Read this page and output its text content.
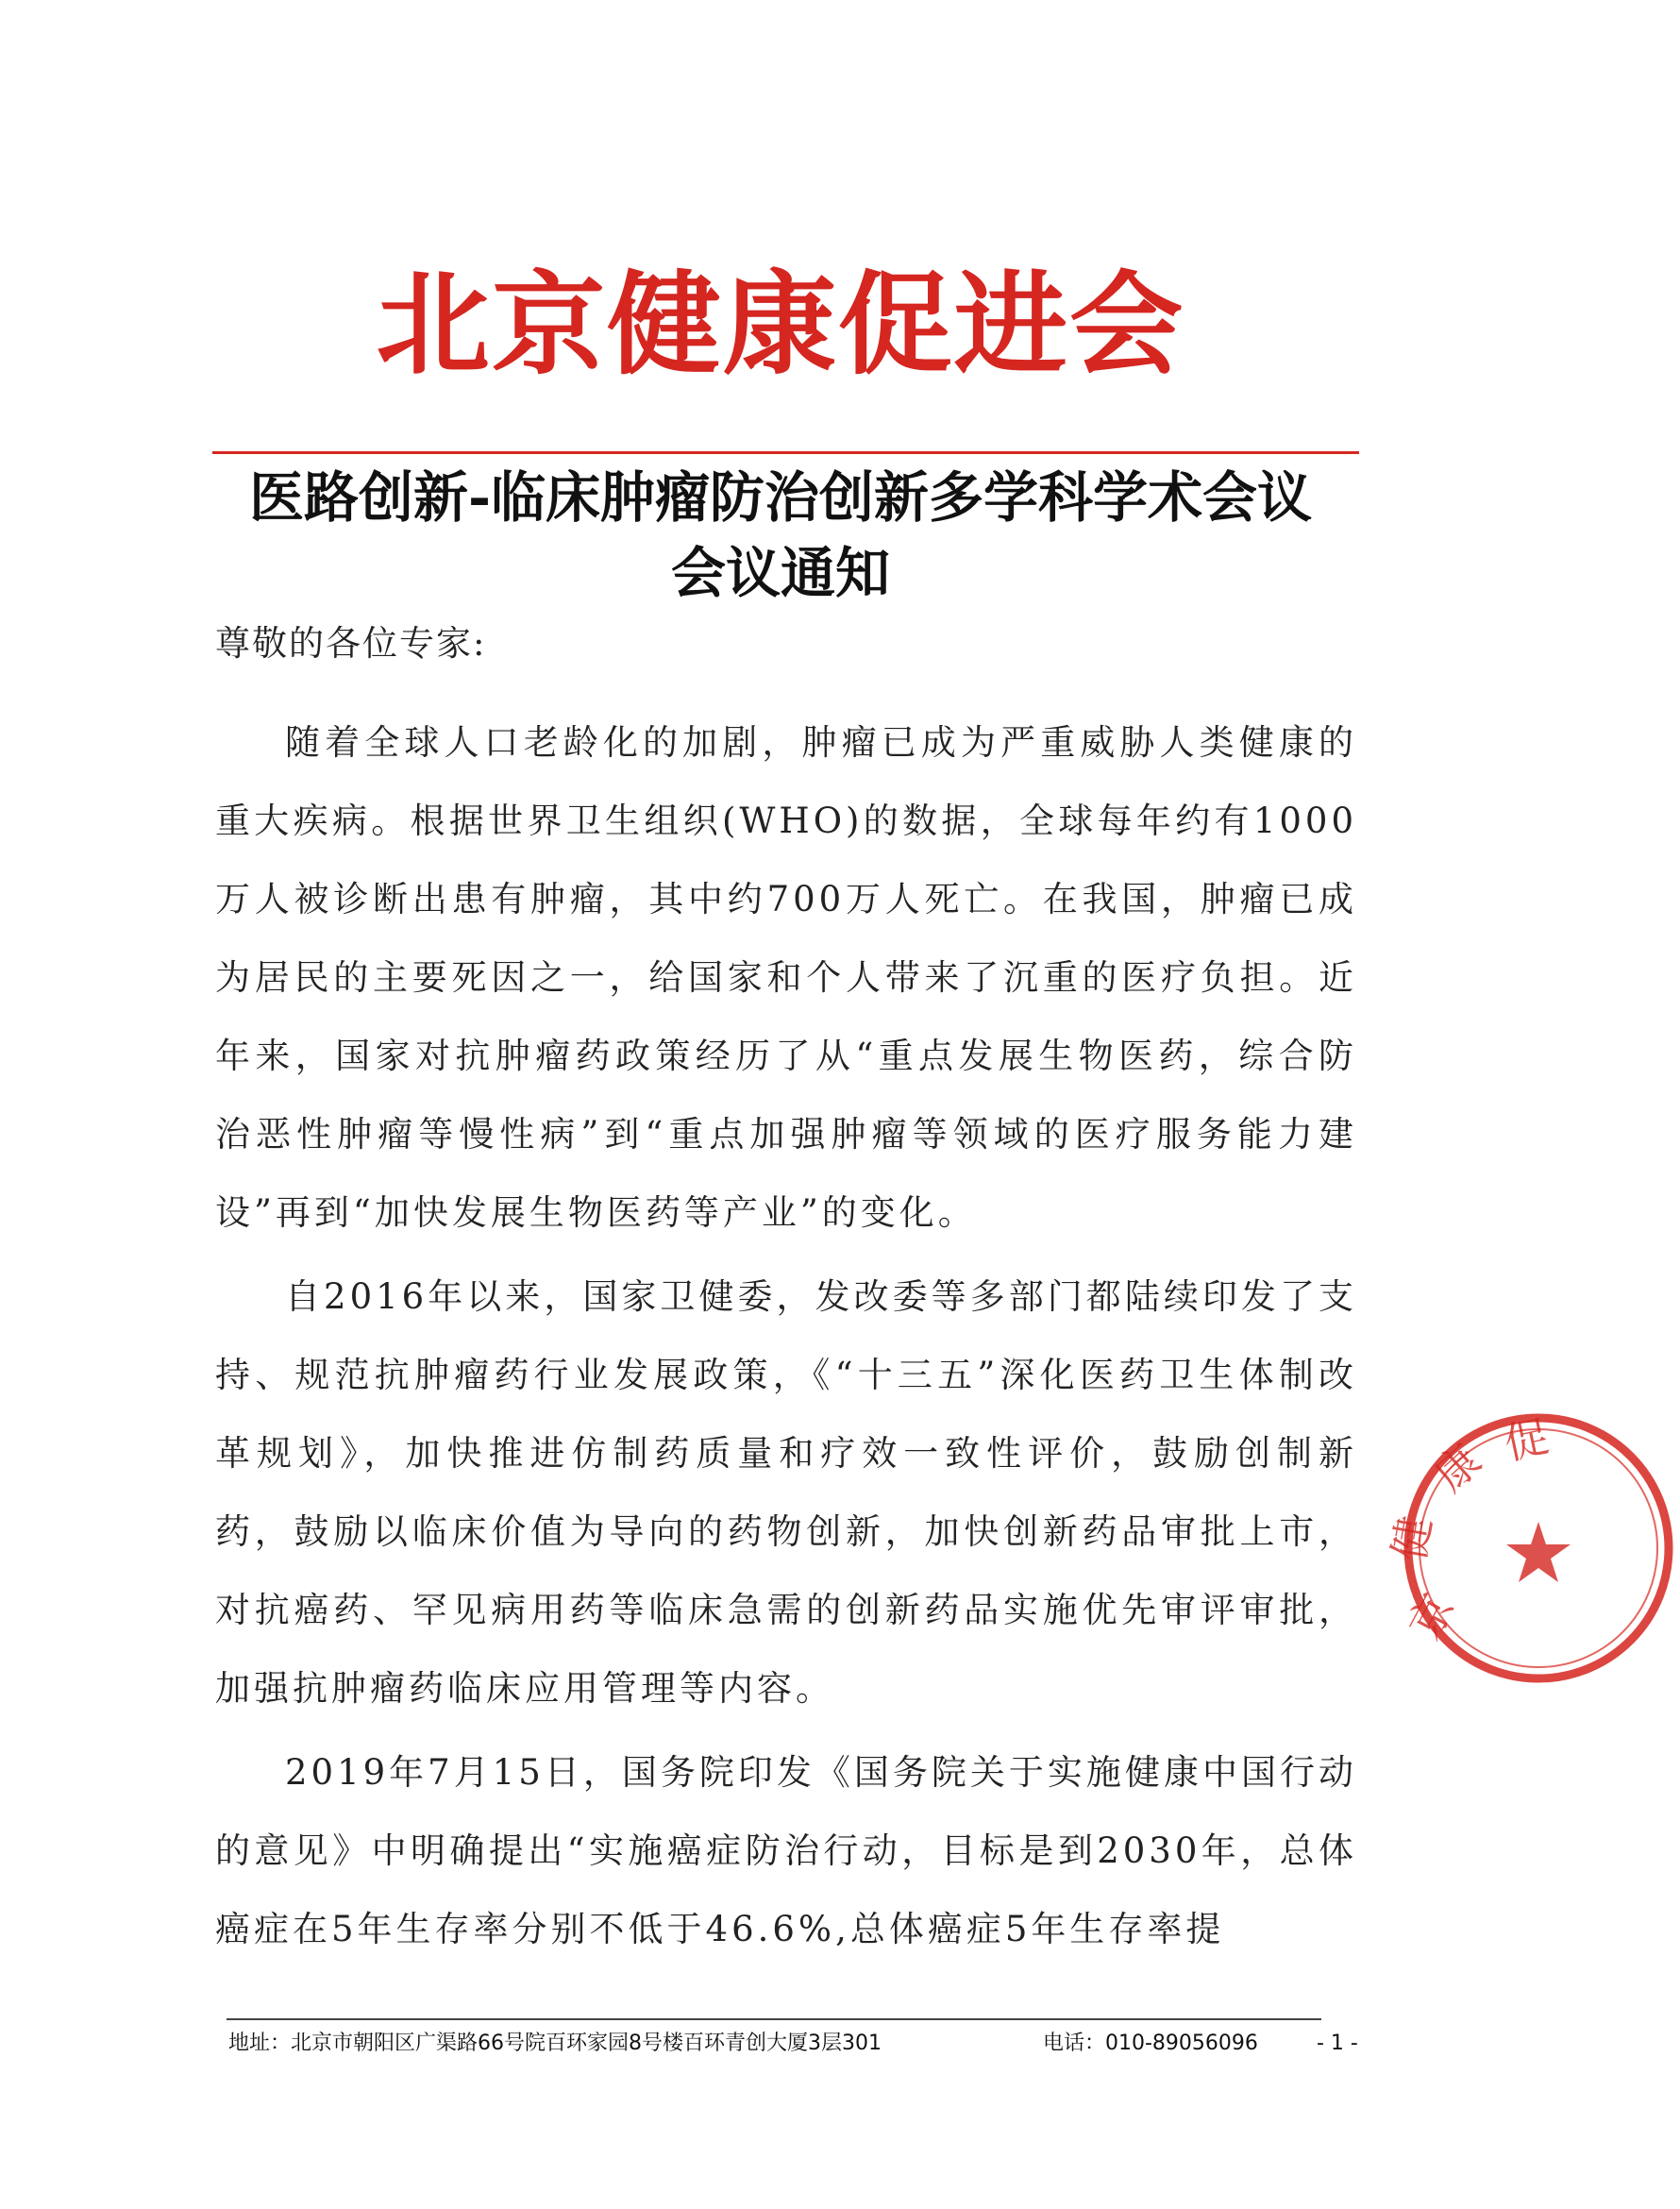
北京健康促进会
医路创新-临床肿瘤防治创新多学科学术会议
会议通知
尊敬的各位专家:

随着全球人口老龄化的加剧，肿瘤已成为严重威胁人类健康的重大疾病。根据世界卫生组织(WHO)的数据，全球每年约有1000万人被诊断出患有肿瘤，其中约700万人死亡。在我国，肿瘤已成为居民的主要死因之一，给国家和个人带来了沉重的医疗负担。近年来，国家对抗肿瘤药政策经历了从“重点发展生物医药，综合防治恶性肿瘤等慢性病”到“重点加强肿瘤等领域的医疗服务能力建设”再到“加快发展生物医药等产业”的变化。

自2016年以来，国家卫健委，发改委等多部门都陆续印发了支持、规范抗肿瘤药行业发展政策，《“十三五”深化医药卫生体制改革规划》，加快推进仿制药质量和疗效一致性评价，鼓励创制新药，鼓励以临床价值为导向的药物创新，加快创新药品审批上市，对抗癌药、罕见病用药等临床急需的创新药品实施优先审评审批，加强抗肿瘤药临床应用管理等内容。

2019年7月15日，国务院印发《国务院关于实施健康中国行动的意见》中明确提出“实施癌症防治行动，目标是到2030年，总体癌症在5年生存率分别不低于46.6%,总体癌症5年生存率提

京
健
康 促
地址：北京市朝阳区广渠路66号院百环家园8号楼百环青创大厦3层301	电话：010-89056096	- 1 -
